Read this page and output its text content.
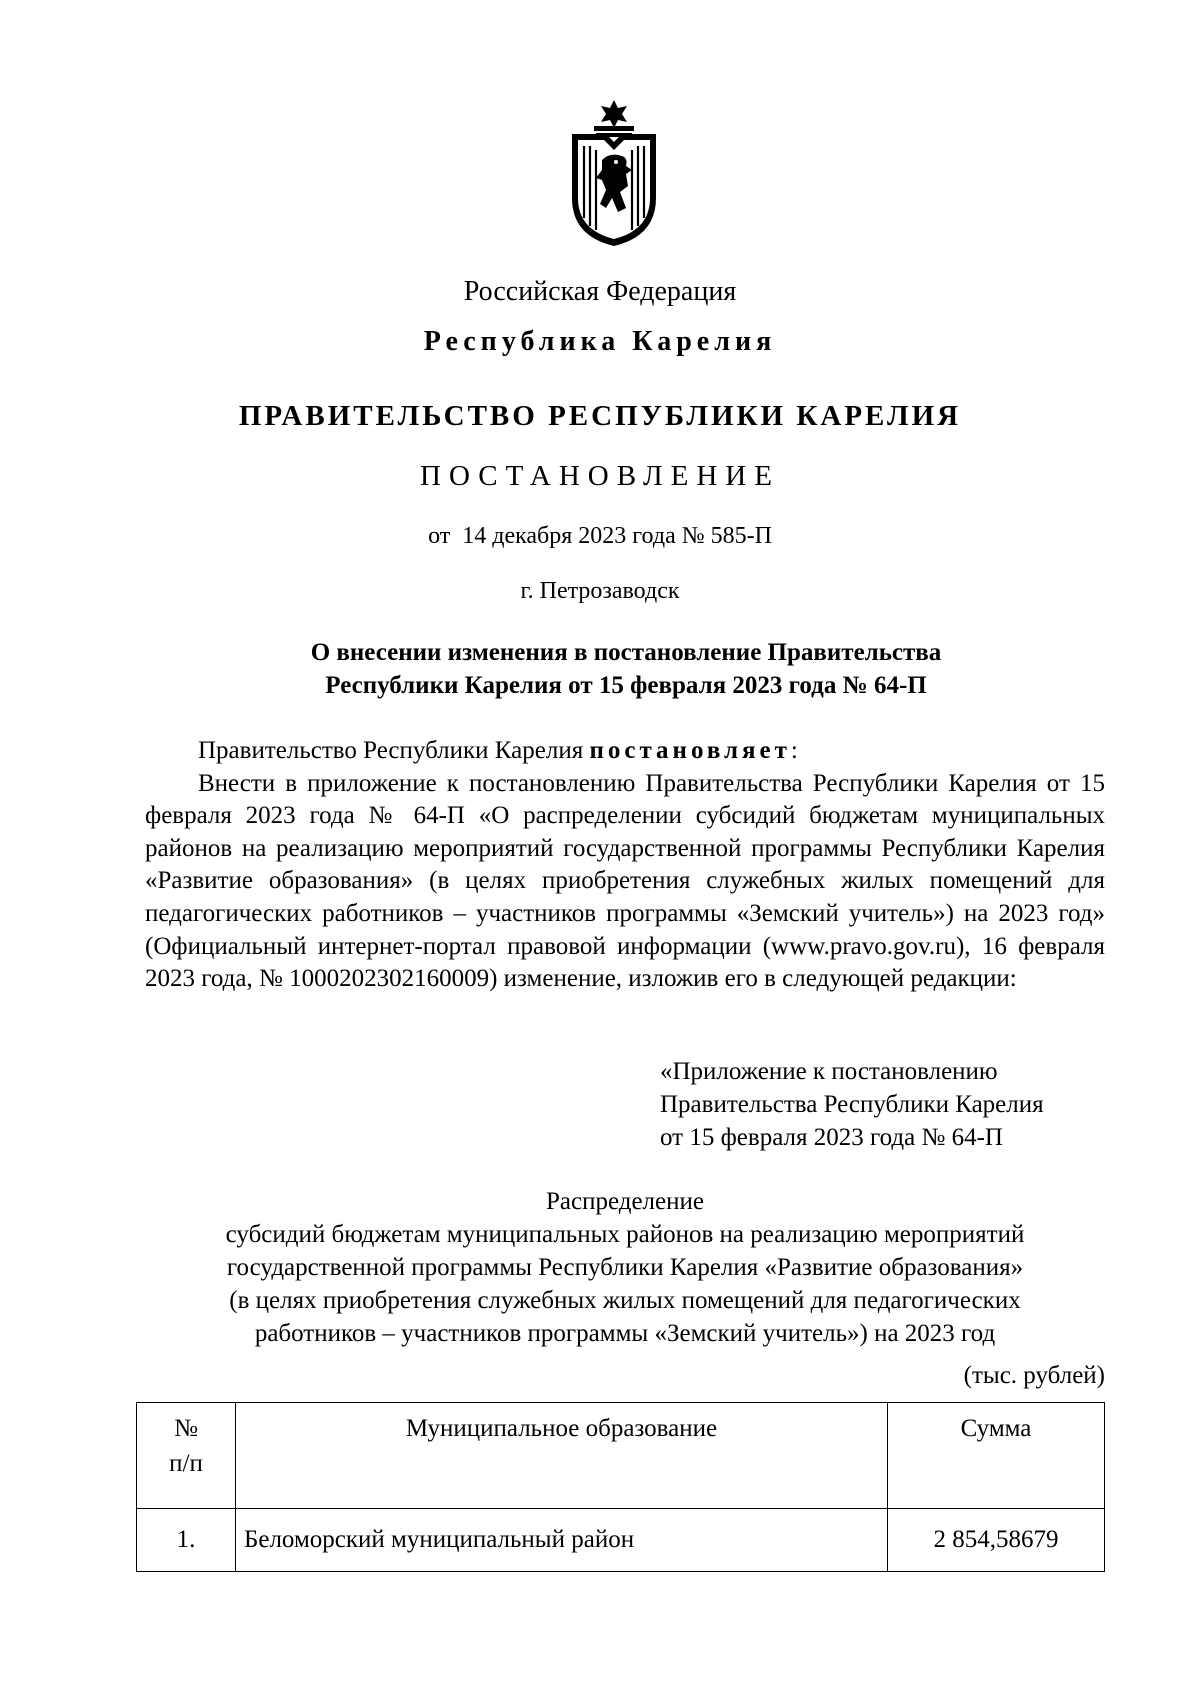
Российская Федерация
Республика Карелия
ПРАВИТЕЛЬСТВО РЕСПУБЛИКИ КАРЕЛИЯ
ПОСТАНОВЛЕНИЕ
от  14 декабря 2023 года № 585-П
г. Петрозаводск
О внесении изменения в постановление Правительства
Республики Карелия от 15 февраля 2023 года № 64-П

Правительство Республики Карелия постановляет:

Внести в приложение к постановлению Правительства Республики Карелия от 15 февраля 2023 года № 64-П «О распределении субсидий бюджетам муниципальных районов на реализацию мероприятий государственной программы Республики Карелия «Развитие образования» (в целях приобретения служебных жилых помещений для педагогических работников – участников программы «Земский учитель») на 2023 год» (Официальный интернет-портал правовой информации (www.pravo.gov.ru), 16 февраля 2023 года, № 1000202302160009) изменение, изложив его в следующей редакции:

«Приложение к постановлению
Правительства Республики Карелия
от 15 февраля 2023 года № 64-П
Распределение
субсидий бюджетам муниципальных районов на реализацию мероприятий
государственной программы Республики Карелия «Развитие образования»
(в целях приобретения служебных жилых помещений для педагогических
работников – участников программы «Земский учитель») на 2023 год
(тыс. рублей)
№
п/п	Муниципальное образование	Сумма
1.	Беломорский муниципальный район	2 854,58679
